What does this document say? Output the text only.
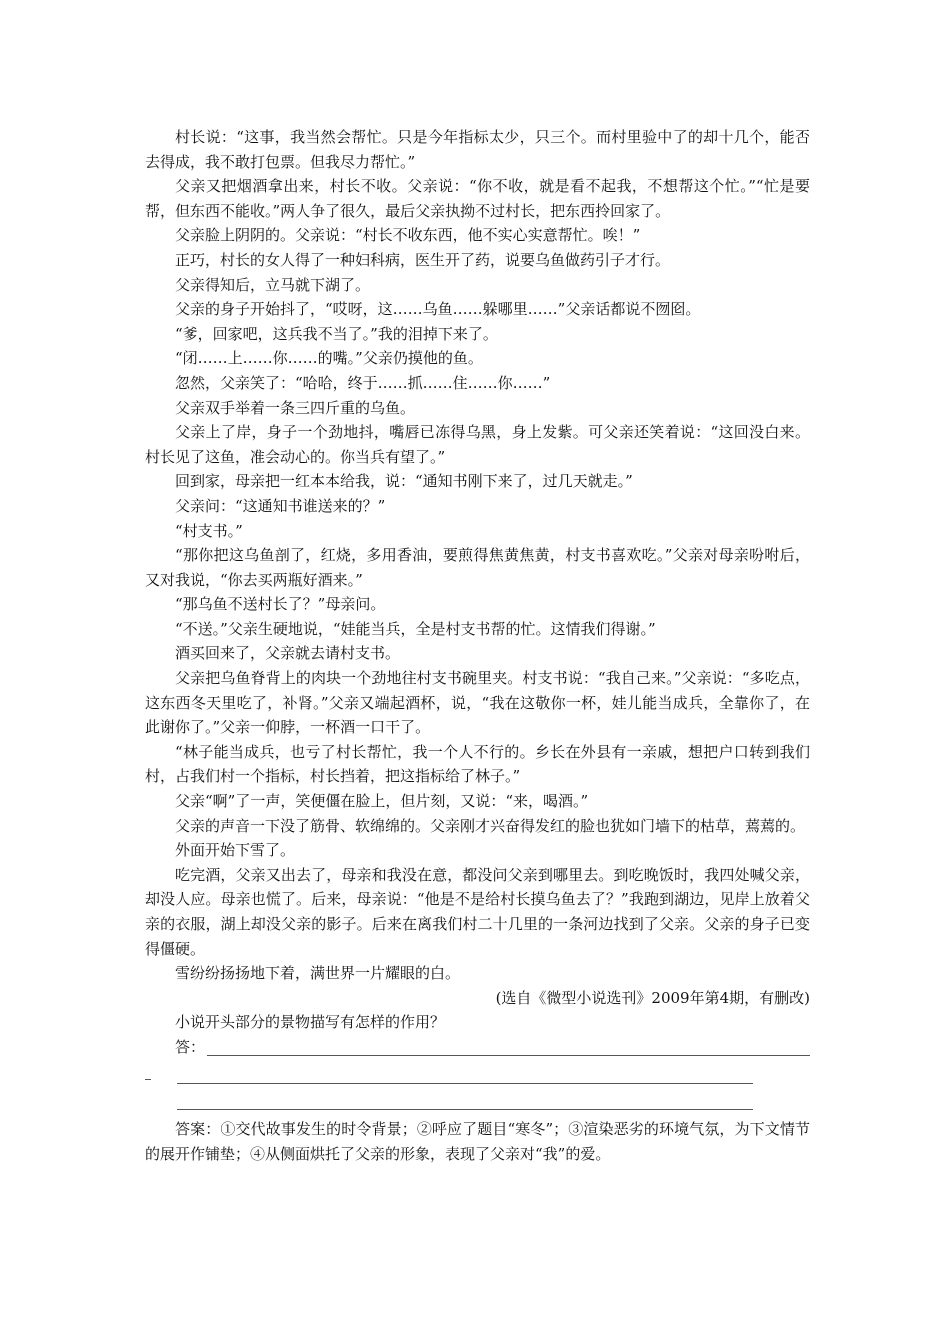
村长说：“这事，我当然会帮忙。只是今年指标太少，只三个。而村里验中了的却十几个，能否去得成，我不敢打包票。但我尽力帮忙。”

父亲又把烟酒拿出来，村长不收。父亲说：“你不收，就是看不起我，不想帮这个忙。”“忙是要帮，但东西不能收。”两人争了很久，最后父亲执拗不过村长，把东西拎回家了。

父亲脸上阴阴的。父亲说：“村长不收东西，他不实心实意帮忙。唉！”

正巧，村长的女人得了一种妇科病，医生开了药，说要乌鱼做药引子才行。

父亲得知后，立马就下湖了。

父亲的身子开始抖了，“哎呀，这……乌鱼……躲哪里……”父亲话都说不囫囵。

“爹，回家吧，这兵我不当了。”我的泪掉下来了。

“闭……上……你……的嘴。”父亲仍摸他的鱼。

忽然，父亲笑了：“哈哈，终于……抓……住……你……”

父亲双手举着一条三四斤重的乌鱼。

父亲上了岸，身子一个劲地抖，嘴唇已冻得乌黑，身上发紫。可父亲还笑着说：“这回没白来。村长见了这鱼，准会动心的。你当兵有望了。”

回到家，母亲把一红本本给我，说：“通知书刚下来了，过几天就走。”

父亲问：“这通知书谁送来的？”

“村支书。”

“那你把这乌鱼剖了，红烧，多用香油，要煎得焦黄焦黄，村支书喜欢吃。”父亲对母亲吩咐后，又对我说，“你去买两瓶好酒来。”

“那乌鱼不送村长了？”母亲问。

“不送。”父亲生硬地说，“娃能当兵，全是村支书帮的忙。这情我们得谢。”

酒买回来了，父亲就去请村支书。

父亲把乌鱼脊背上的肉块一个劲地往村支书碗里夹。村支书说：“我自己来。”父亲说：“多吃点，这东西冬天里吃了，补肾。”父亲又端起酒杯，说，“我在这敬你一杯，娃儿能当成兵，全靠你了，在此谢你了。”父亲一仰脖，一杯酒一口干了。

“林子能当成兵，也亏了村长帮忙，我一个人不行的。乡长在外县有一亲戚，想把户口转到我们村，占我们村一个指标，村长挡着，把这指标给了林子。”

父亲“啊”了一声，笑便僵在脸上，但片刻，又说：“来，喝酒。”

父亲的声音一下没了筋骨、软绵绵的。父亲刚才兴奋得发红的脸也犹如门墙下的枯草，蔫蔫的。

外面开始下雪了。

吃完酒，父亲又出去了，母亲和我没在意，都没问父亲到哪里去。到吃晚饭时，我四处喊父亲，却没人应。母亲也慌了。后来，母亲说：“他是不是给村长摸乌鱼去了？”我跑到湖边，见岸上放着父亲的衣服，湖上却没父亲的影子。后来在离我们村二十几里的一条河边找到了父亲。父亲的身子已变得僵硬。

雪纷纷扬扬地下着，满世界一片耀眼的白。

(选自《微型小说选刊》2009年第4期，有删改)

小说开头部分的景物描写有怎样的作用？

答：

答案：①交代故事发生的时令背景；②呼应了题目“寒冬”；③渲染恶劣的环境气氛，为下文情节的展开作铺垫；④从侧面烘托了父亲的形象，表现了父亲对“我”的爱。
